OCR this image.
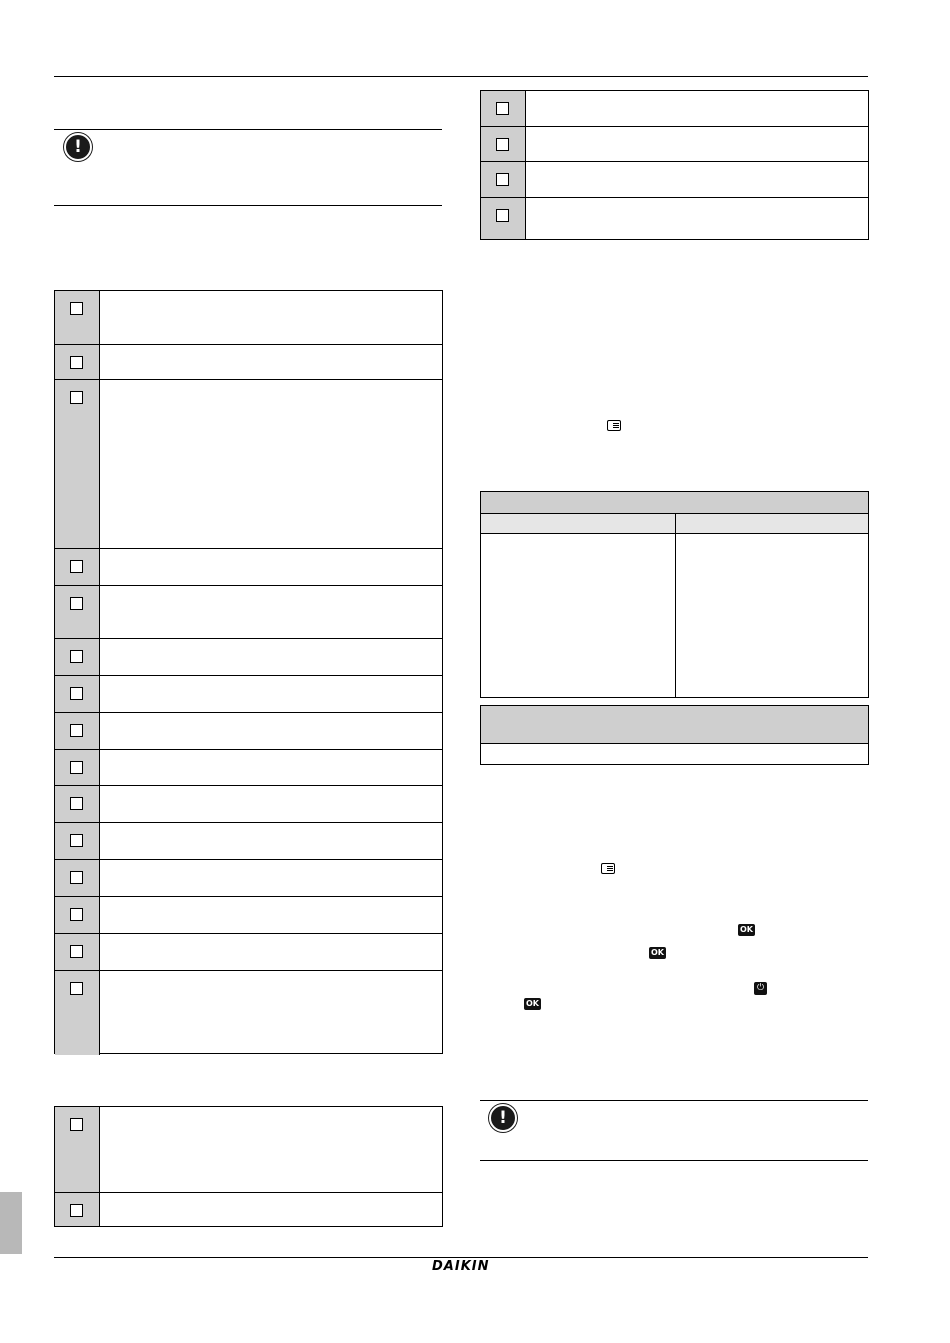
!
OK
OK
⏻
OK
!
DAIKIN
